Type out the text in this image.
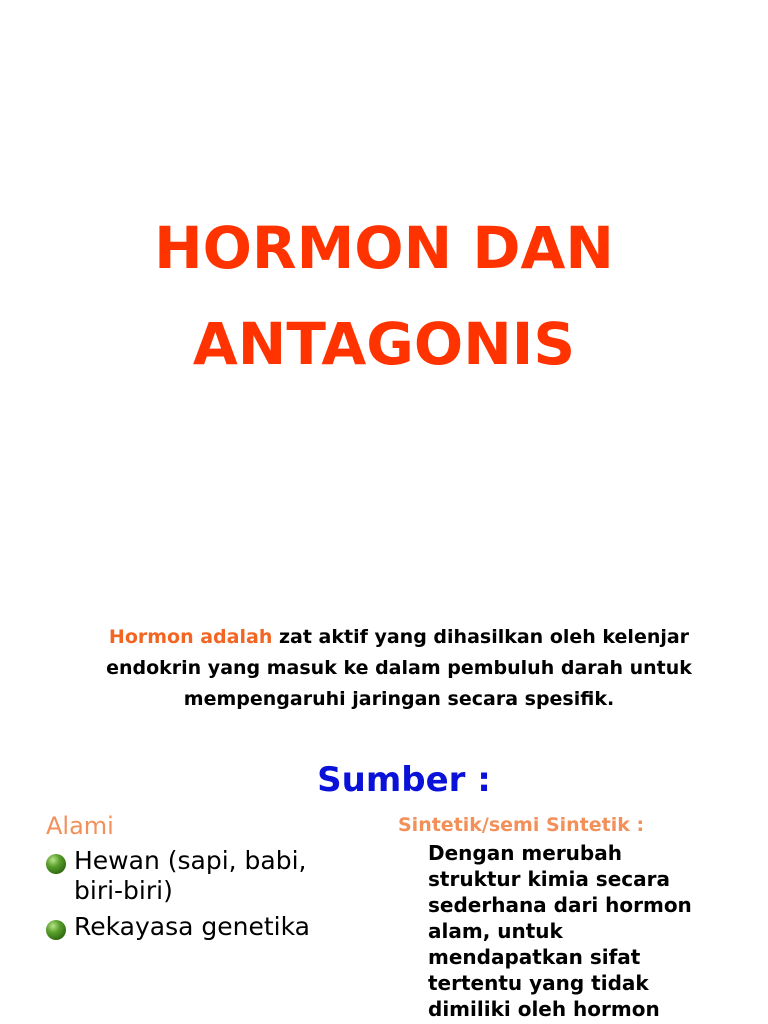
HORMON DAN
ANTAGONIS
Hormon adalah zat aktif yang dihasilkan oleh kelenjar endokrin yang masuk ke dalam pembuluh darah untuk mempengaruhi jaringan secara spesifik.
Sumber :
Alami
Hewan (sapi, babi, biri-biri)
Rekayasa genetika
Sintetik/semi Sintetik :
Dengan merubah struktur kimia secara sederhana dari hormon alam, untuk mendapatkan sifat tertentu yang tidak dimiliki oleh hormon
